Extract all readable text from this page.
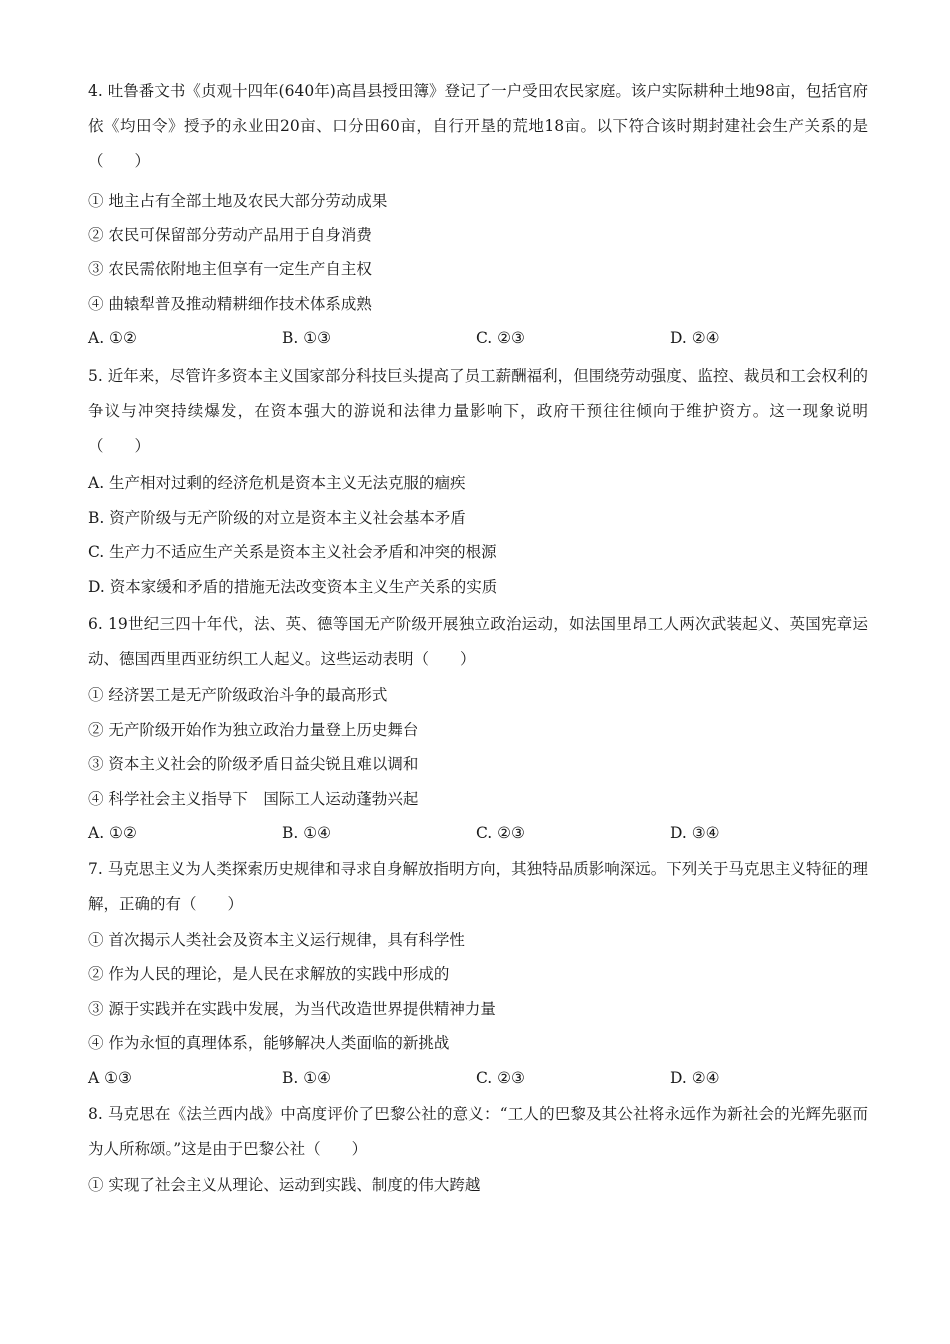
4. 吐鲁番文书《贞观十四年(640年)高昌县授田簿》登记了一户受田农民家庭。该户实际耕种土地98亩，包括官府依《均田令》授予的永业田20亩、口分田60亩，自行开垦的荒地18亩。以下符合该时期封建社会生产关系的是（　　）
① 地主占有全部土地及农民大部分劳动成果
② 农民可保留部分劳动产品用于自身消费
③ 农民需依附地主但享有一定生产自主权
④ 曲辕犁普及推动精耕细作技术体系成熟
A. ①②	B. ①③	C. ②③	D. ②④
5. 近年来，尽管许多资本主义国家部分科技巨头提高了员工薪酬福利，但围绕劳动强度、监控、裁员和工会权利的争议与冲突持续爆发，在资本强大的游说和法律力量影响下，政府干预往往倾向于维护资方。这一现象说明（　　）
A. 生产相对过剩的经济危机是资本主义无法克服的痼疾
B. 资产阶级与无产阶级的对立是资本主义社会基本矛盾
C. 生产力不适应生产关系是资本主义社会矛盾和冲突的根源
D. 资本家缓和矛盾的措施无法改变资本主义生产关系的实质
6. 19世纪三四十年代，法、英、德等国无产阶级开展独立政治运动，如法国里昂工人两次武装起义、英国宪章运动、德国西里西亚纺织工人起义。这些运动表明（　　）
① 经济罢工是无产阶级政治斗争的最高形式
② 无产阶级开始作为独立政治力量登上历史舞台
③ 资本主义社会的阶级矛盾日益尖锐且难以调和
④ 科学社会主义指导下　国际工人运动蓬勃兴起
A. ①②	B. ①④	C. ②③	D. ③④
7. 马克思主义为人类探索历史规律和寻求自身解放指明方向，其独特品质影响深远。下列关于马克思主义特征的理解，正确的有（　　）
① 首次揭示人类社会及资本主义运行规律，具有科学性
② 作为人民的理论，是人民在求解放的实践中形成的
③ 源于实践并在实践中发展，为当代改造世界提供精神力量
④ 作为永恒的真理体系，能够解决人类面临的新挑战
A ①③	B. ①④	C. ②③	D. ②④
8. 马克思在《法兰西内战》中高度评价了巴黎公社的意义：“工人的巴黎及其公社将永远作为新社会的光辉先驱而为人所称颂。”这是由于巴黎公社（　　）
① 实现了社会主义从理论、运动到实践、制度的伟大跨越
